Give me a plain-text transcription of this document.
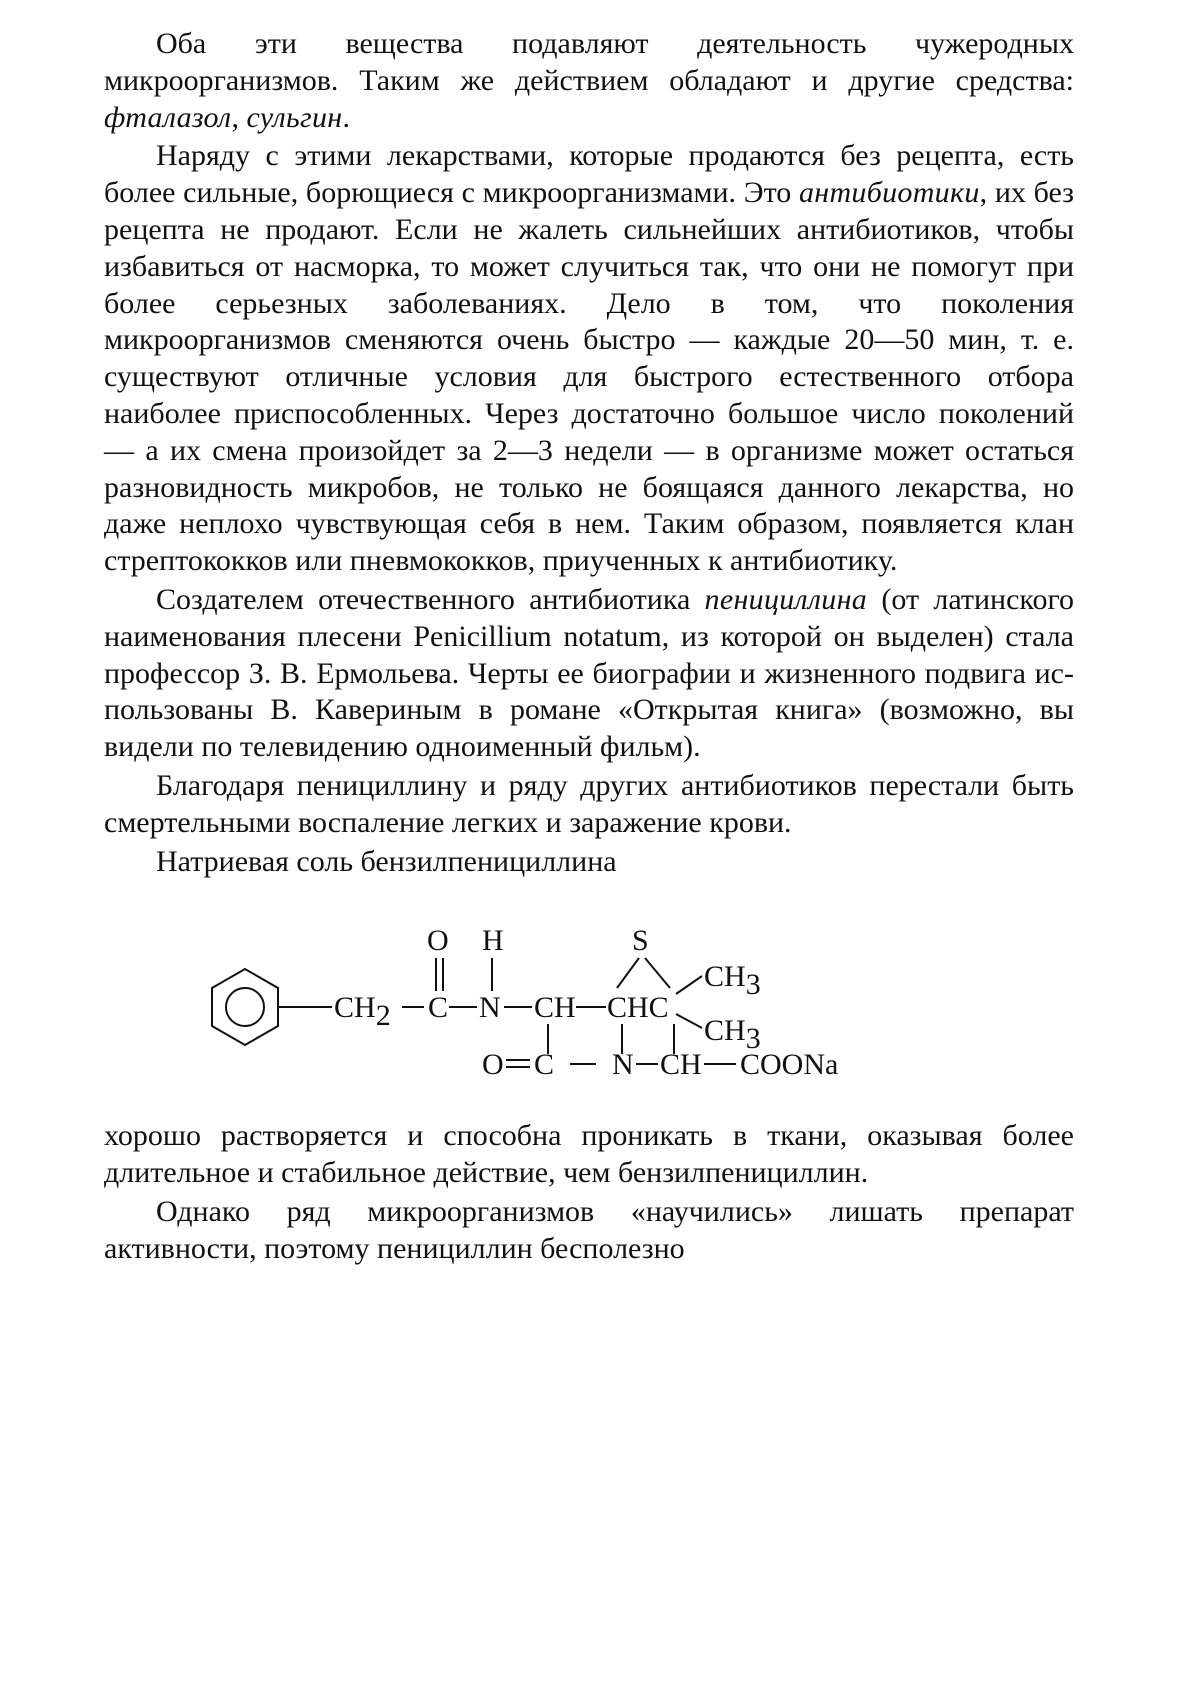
Оба эти вещества подавляют деятельность чужеродных микроорганизмов. Таким же действием обладают и другие средства: фталазол, сульгин.

Наряду с этими лекарствами, которые продаются без рецепта, есть более сильные, борющиеся с микроорганизмами. Это антибиотики, их без рецепта не продают. Если не жалеть сильнейших антибиотиков, чтобы избавиться от насморка, то может случиться так, что они не помогут при более серьезных заболеваниях. Дело в том, что поколения микроорганизмов сменяются очень быстро — каждые 20—50 мин, т. е. существуют отличные условия для быстрого естественного отбора наиболее приспособленных. Через достаточно большое число поколений — а их смена произойдет за 2—3 недели — в организме может остаться разновидность микробов, не только не боящаяся данного лекарства, но даже неплохо чувствующая себя в нем. Таким образом, появляется клан стрептококков или пневмококков, приученных к антибиотику.

Создателем отечественного антибиотика пенициллина (от латинского наименования плесени Penicillium notatum, из которой он выделен) стала профессор З. В. Ермольева. Черты ее биографии и жизненного подвига использованы В. Кавериным в романе «Открытая книга» (возможно, вы видели по телевидению одноименный фильм).

Благодаря пенициллину и ряду других антибиотиков перестали быть смертельными воспаление легких и заражение крови.

Натриевая соль бензилпенициллина

O H	S
CH2 C N CH CHC
CH3
CH3
O C N CH COONa

хорошо растворяется и способна проникать в ткани, оказывая более длительное и стабильное действие, чем бензилпенициллин.

Однако ряд микроорганизмов «научились» лишать препарат активности, поэтому пенициллин бесполезно
